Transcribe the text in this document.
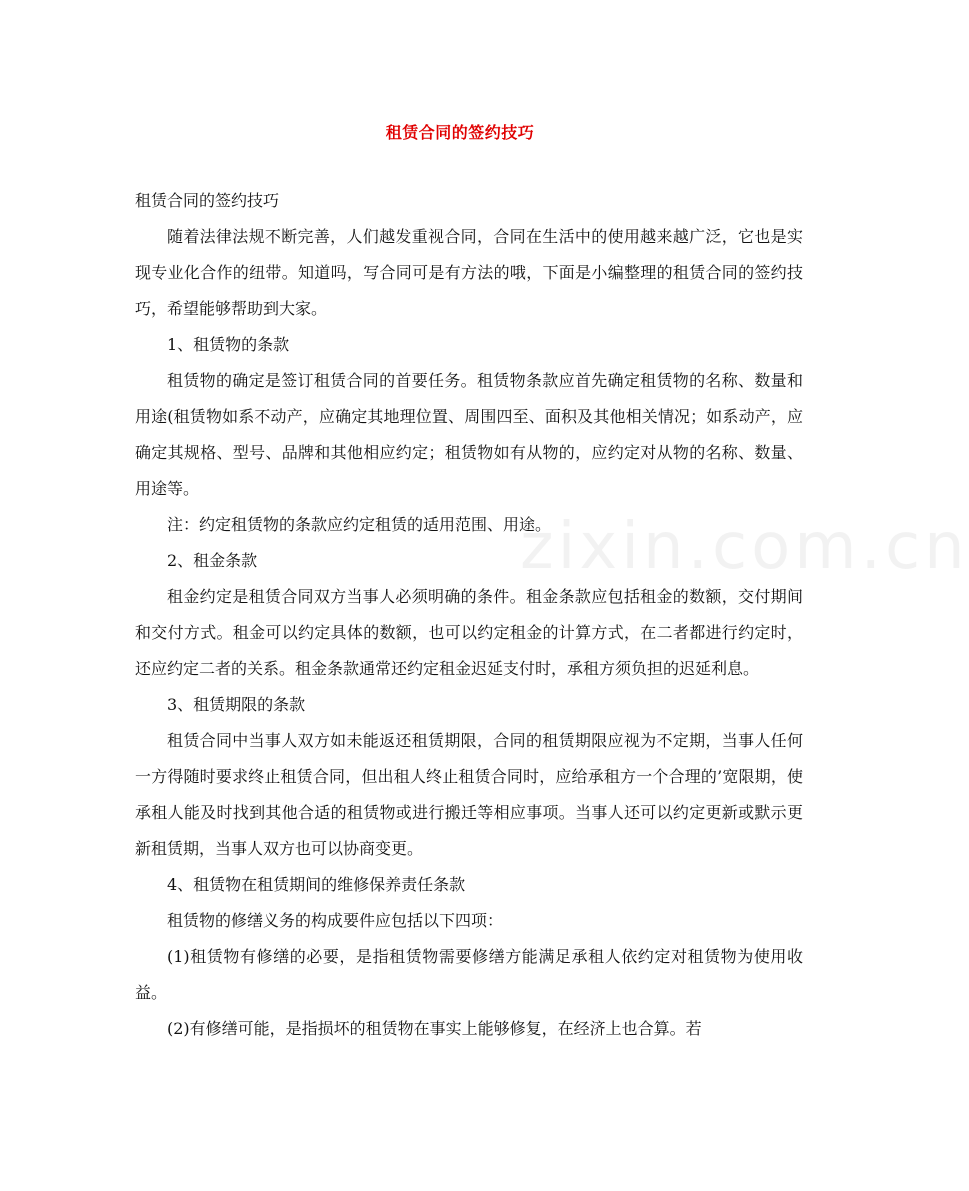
租赁合同的签约技巧
zixin.com.cn

租赁合同的签约技巧

随着法律法规不断完善，人们越发重视合同，合同在生活中的使用越来越广泛，它也是实现专业化合作的纽带。知道吗，写合同可是有方法的哦，下面是小编整理的租赁合同的签约技巧，希望能够帮助到大家。

1、租赁物的条款

租赁物的确定是签订租赁合同的首要任务。租赁物条款应首先确定租赁物的名称、数量和用途(租赁物如系不动产，应确定其地理位置、周围四至、面积及其他相关情况；如系动产，应确定其规格、型号、品牌和其他相应约定；租赁物如有从物的，应约定对从物的名称、数量、用途等。

注：约定租赁物的条款应约定租赁的适用范围、用途。

2、租金条款

租金约定是租赁合同双方当事人必须明确的条件。租金条款应包括租金的数额，交付期间和交付方式。租金可以约定具体的数额，也可以约定租金的计算方式，在二者都进行约定时，还应约定二者的关系。租金条款通常还约定租金迟延支付时，承租方须负担的迟延利息。

3、租赁期限的条款

租赁合同中当事人双方如未能返还租赁期限，合同的租赁期限应视为不定期，当事人任何一方得随时要求终止租赁合同，但出租人终止租赁合同时，应给承租方一个合理的’宽限期，使承租人能及时找到其他合适的租赁物或进行搬迁等相应事项。当事人还可以约定更新或默示更新租赁期，当事人双方也可以协商变更。

4、租赁物在租赁期间的维修保养责任条款

租赁物的修缮义务的构成要件应包括以下四项：

(1)租赁物有修缮的必要，是指租赁物需要修缮方能满足承租人依约定对租赁物为使用收益。

(2)有修缮可能，是指损坏的租赁物在事实上能够修复，在经济上也合算。若
